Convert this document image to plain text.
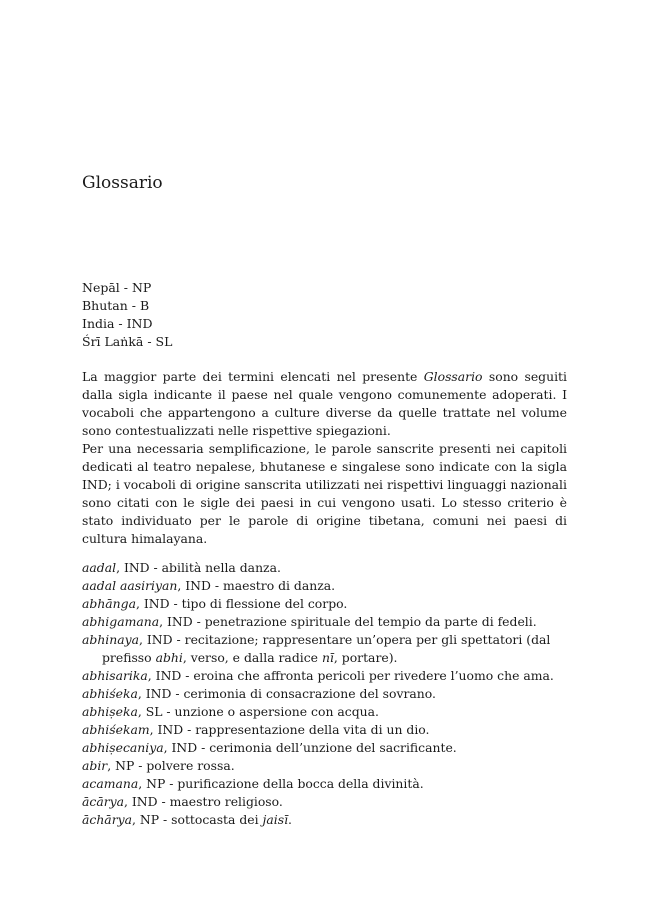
Glossario
Nepāl - NP
Bhutan - B
India - IND
Śrī Laṅkā - SL

La maggior parte dei termini elencati nel presente Glossario sono seguiti dalla sigla indicante il paese nel quale vengono comunemente adoperati. I vocaboli che appartengono a culture diverse da quelle trattate nel volume sono contestualizzati nelle rispettive spiegazioni.

Per una necessaria semplificazione, le parole sanscrite presenti nei capitoli dedicati al teatro nepalese, bhutanese e singalese sono indicate con la sigla IND; i vocaboli di origine sanscrita utilizzati nei rispettivi linguaggi nazionali sono citati con le sigle dei paesi in cui vengono usati. Lo stesso criterio è stato individuato per le parole di origine tibetana, comuni nei paesi di cultura himalayana.

aadal, IND - abilità nella danza.
aadal aasiriyan, IND - maestro di danza.
abhānga, IND - tipo di flessione del corpo.
abhigamana, IND - penetrazione spirituale del tempio da parte di fedeli.
abhinaya, IND - recitazione; rappresentare un’opera per gli spettatori (dal prefisso abhi, verso, e dalla radice nī, portare).
abhisarika, IND - eroina che affronta pericoli per rivedere l’uomo che ama.
abhiśeka, IND - cerimonia di consacrazione del sovrano.
abhiṣeka, SL - unzione o aspersione con acqua.
abhiśekam, IND - rappresentazione della vita di un dio.
abhiṣecaniya, IND - cerimonia dell’unzione del sacrificante.
abir, NP - polvere rossa.
acamana, NP - purificazione della bocca della divinità.
ācārya, IND - maestro religioso.
āchārya, NP - sottocasta dei jaisī.
